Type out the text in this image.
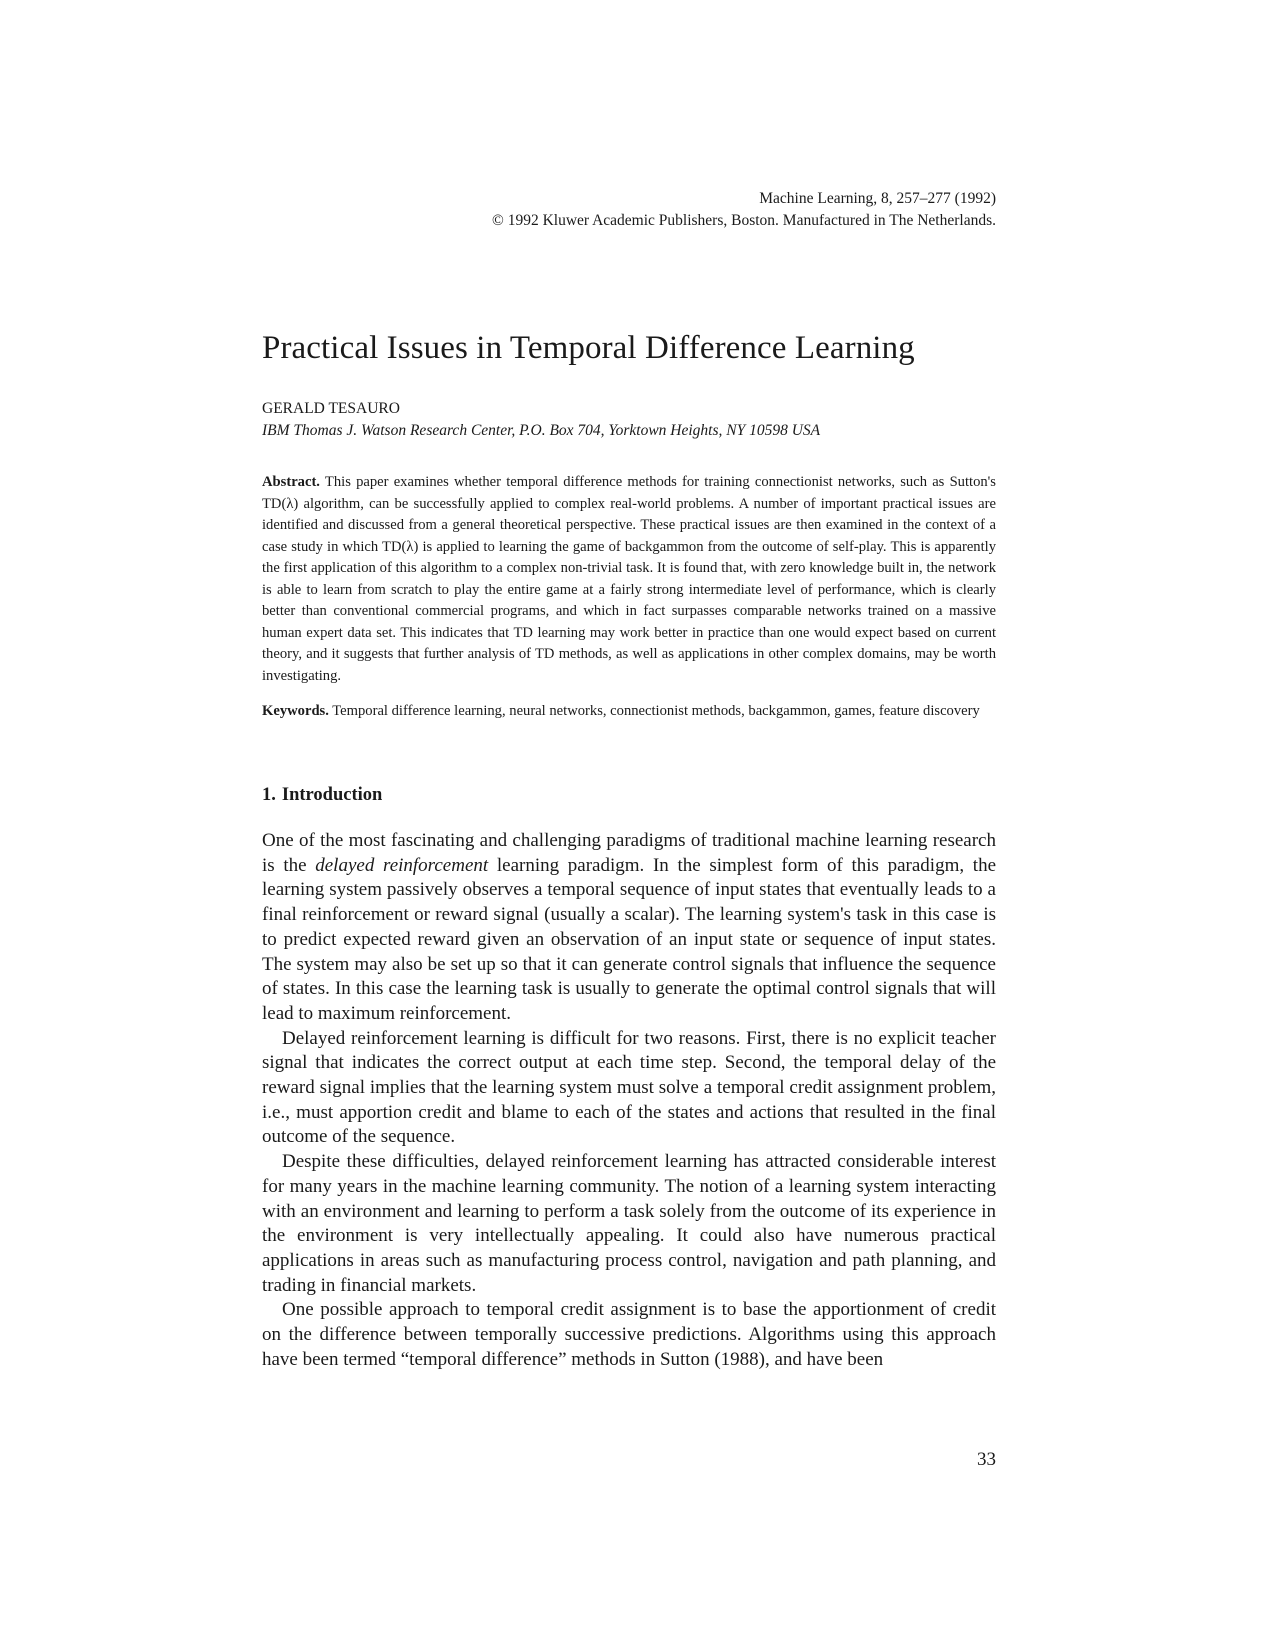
Machine Learning, 8, 257–277 (1992)
© 1992 Kluwer Academic Publishers, Boston. Manufactured in The Netherlands.
Practical Issues in Temporal Difference Learning
GERALD TESAURO
IBM Thomas J. Watson Research Center, P.O. Box 704, Yorktown Heights, NY 10598 USA

Abstract. This paper examines whether temporal difference methods for training connectionist networks, such as Sutton's TD(λ) algorithm, can be successfully applied to complex real-world problems. A number of important practical issues are identified and discussed from a general theoretical perspective. These practical issues are then examined in the context of a case study in which TD(λ) is applied to learning the game of backgammon from the outcome of self-play. This is apparently the first application of this algorithm to a complex non-trivial task. It is found that, with zero knowledge built in, the network is able to learn from scratch to play the entire game at a fairly strong intermediate level of performance, which is clearly better than conventional commercial programs, and which in fact surpasses comparable networks trained on a massive human expert data set. This indicates that TD learning may work better in practice than one would expect based on current theory, and it suggests that further analysis of TD methods, as well as applications in other complex domains, may be worth investigating.

Keywords. Temporal difference learning, neural networks, connectionist methods, backgammon, games, feature discovery

1. Introduction

One of the most fascinating and challenging paradigms of traditional machine learning research is the delayed reinforcement learning paradigm. In the simplest form of this paradigm, the learning system passively observes a temporal sequence of input states that eventually leads to a final reinforcement or reward signal (usually a scalar). The learning system's task in this case is to predict expected reward given an observation of an input state or sequence of input states. The system may also be set up so that it can generate control signals that influence the sequence of states. In this case the learning task is usually to generate the optimal control signals that will lead to maximum reinforcement.

Delayed reinforcement learning is difficult for two reasons. First, there is no explicit teacher signal that indicates the correct output at each time step. Second, the temporal delay of the reward signal implies that the learning system must solve a temporal credit assignment problem, i.e., must apportion credit and blame to each of the states and actions that resulted in the final outcome of the sequence.

Despite these difficulties, delayed reinforcement learning has attracted considerable interest for many years in the machine learning community. The notion of a learning system interacting with an environment and learning to perform a task solely from the outcome of its experience in the environment is very intellectually appealing. It could also have numerous practical applications in areas such as manufacturing process control, navigation and path planning, and trading in financial markets.

One possible approach to temporal credit assignment is to base the apportionment of credit on the difference between temporally successive predictions. Algorithms using this approach have been termed “temporal difference” methods in Sutton (1988), and have been

33
